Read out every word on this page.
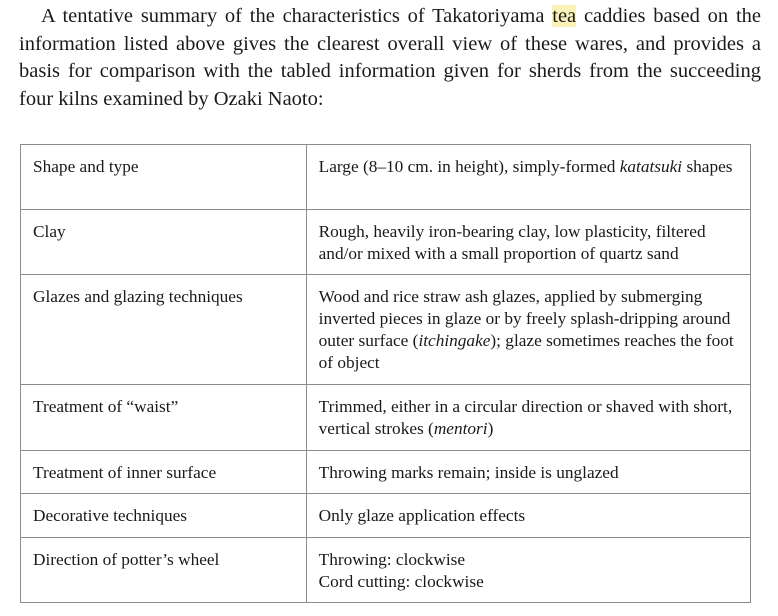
A tentative summary of the characteristics of Takatoriyama tea caddies based on the information listed above gives the clearest overall view of these wares, and provides a basis for comparison with the tabled information given for sherds from the succeeding four kilns examined by Ozaki Naoto:

Shape and type	Large (8–10 cm. in height), simply-formed katatsuki shapes
Clay	Rough, heavily iron-bearing clay, low plasticity, filtered and/or mixed with a small proportion of quartz sand
Glazes and glazing techniques	Wood and rice straw ash glazes, applied by submerging inverted pieces in glaze or by freely splash-dripping around outer surface (itchingake); glaze sometimes reaches the foot of object
Treatment of “waist”	Trimmed, either in a circular direction or shaved with short, vertical strokes (mentori)
Treatment of inner surface	Throwing marks remain; inside is unglazed
Decorative techniques	Only glaze application effects
Direction of potter’s wheel	Throwing: clockwise
Cord cutting: clockwise
